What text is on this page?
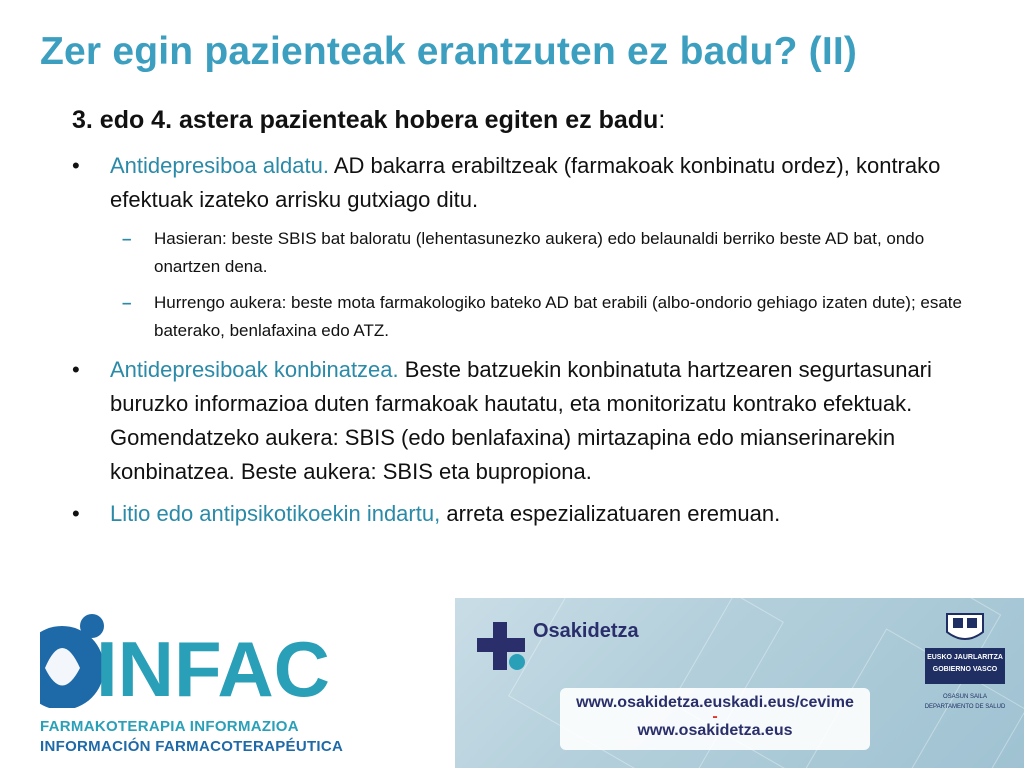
Zer egin pazienteak erantzuten ez badu? (II)
3. edo 4. astera pazienteak hobera egiten ez badu:
• Antidepresiboa aldatu. AD bakarra erabiltzeak (farmakoak konbinatu ordez), kontrako efektuak izateko arrisku gutxiago ditu.
– Hasieran: beste SBIS bat baloratu (lehentasunezko aukera) edo belaunaldi berriko beste AD bat, ondo onartzen dena.
– Hurrengo aukera: beste mota farmakologiko bateko AD bat erabili (albo-ondorio gehiago izaten dute); esate baterako, benlafaxina edo ATZ.
• Antidepresiboak konbinatzea. Beste batzuekin konbinatuta hartzearen segurtasunari buruzko informazioa duten farmakoak hautatu, eta monitorizatu kontrako efektuak. Gomendatzeko aukera: SBIS (edo benlafaxina) mirtazapina edo mianserinarekin konbinatzea. Beste aukera: SBIS eta bupropiona.
• Litio edo antipsikotikoekin indartu, arreta espezializatuaren eremuan.
INFAC
FARMAKOTERAPIA INFORMAZIOA
INFORMACIÓN FARMACOTERAPÉUTICA
Osakidetza
www.osakidetza.euskadi.eus/cevime
-
www.osakidetza.eus
EUSKO JAURLARITZA
GOBIERNO VASCO
OSASUN SAILA
DEPARTAMENTO DE SALUD
